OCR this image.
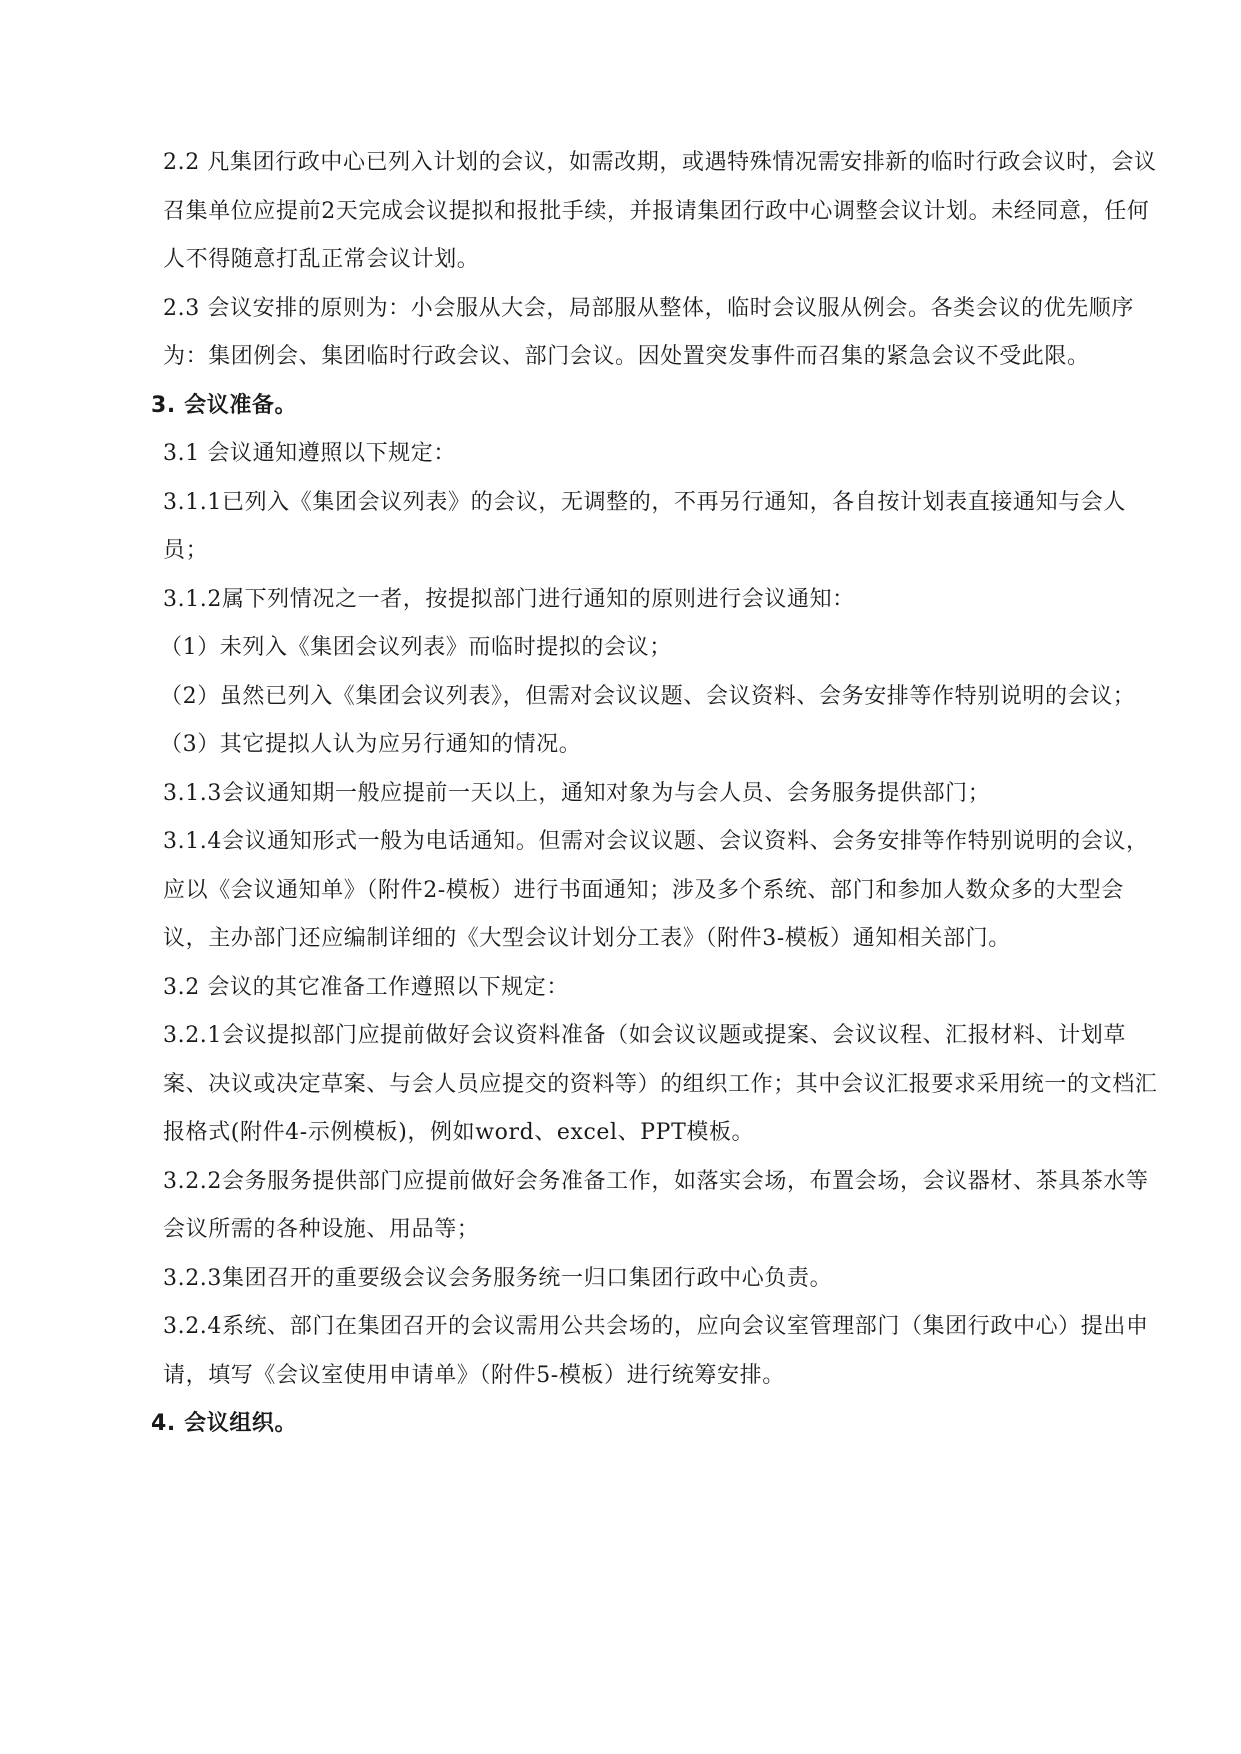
2.2 凡集团行政中心已列入计划的会议，如需改期，或遇特殊情况需安排新的临时行政会议时，会议召集单位应提前2天完成会议提拟和报批手续，并报请集团行政中心调整会议计划。未经同意，任何人不得随意打乱正常会议计划。

2.3 会议安排的原则为：小会服从大会，局部服从整体，临时会议服从例会。各类会议的优先顺序为：集团例会、集团临时行政会议、部门会议。因处置突发事件而召集的紧急会议不受此限。

3. 会议准备。

3.1 会议通知遵照以下规定：

3.1.1已列入《集团会议列表》的会议，无调整的，不再另行通知，各自按计划表直接通知与会人员；

3.1.2属下列情况之一者，按提拟部门进行通知的原则进行会议通知：

（1）未列入《集团会议列表》而临时提拟的会议；

（2）虽然已列入《集团会议列表》，但需对会议议题、会议资料、会务安排等作特别说明的会议；

（3）其它提拟人认为应另行通知的情况。

3.1.3会议通知期一般应提前一天以上，通知对象为与会人员、会务服务提供部门；

3.1.4会议通知形式一般为电话通知。但需对会议议题、会议资料、会务安排等作特别说明的会议，应以《会议通知单》（附件2-模板）进行书面通知；涉及多个系统、部门和参加人数众多的大型会议，主办部门还应编制详细的《大型会议计划分工表》（附件3-模板）通知相关部门。

3.2 会议的其它准备工作遵照以下规定：

3.2.1会议提拟部门应提前做好会议资料准备（如会议议题或提案、会议议程、汇报材料、计划草案、决议或决定草案、与会人员应提交的资料等）的组织工作；其中会议汇报要求采用统一的文档汇报格式(附件4-示例模板)，例如word、excel、PPT模板。

3.2.2会务服务提供部门应提前做好会务准备工作，如落实会场，布置会场，会议器材、茶具茶水等会议所需的各种设施、用品等；

3.2.3集团召开的重要级会议会务服务统一归口集团行政中心负责。

3.2.4系统、部门在集团召开的会议需用公共会场的，应向会议室管理部门（集团行政中心）提出申请，填写《会议室使用申请单》（附件5-模板）进行统筹安排。

4. 会议组织。
